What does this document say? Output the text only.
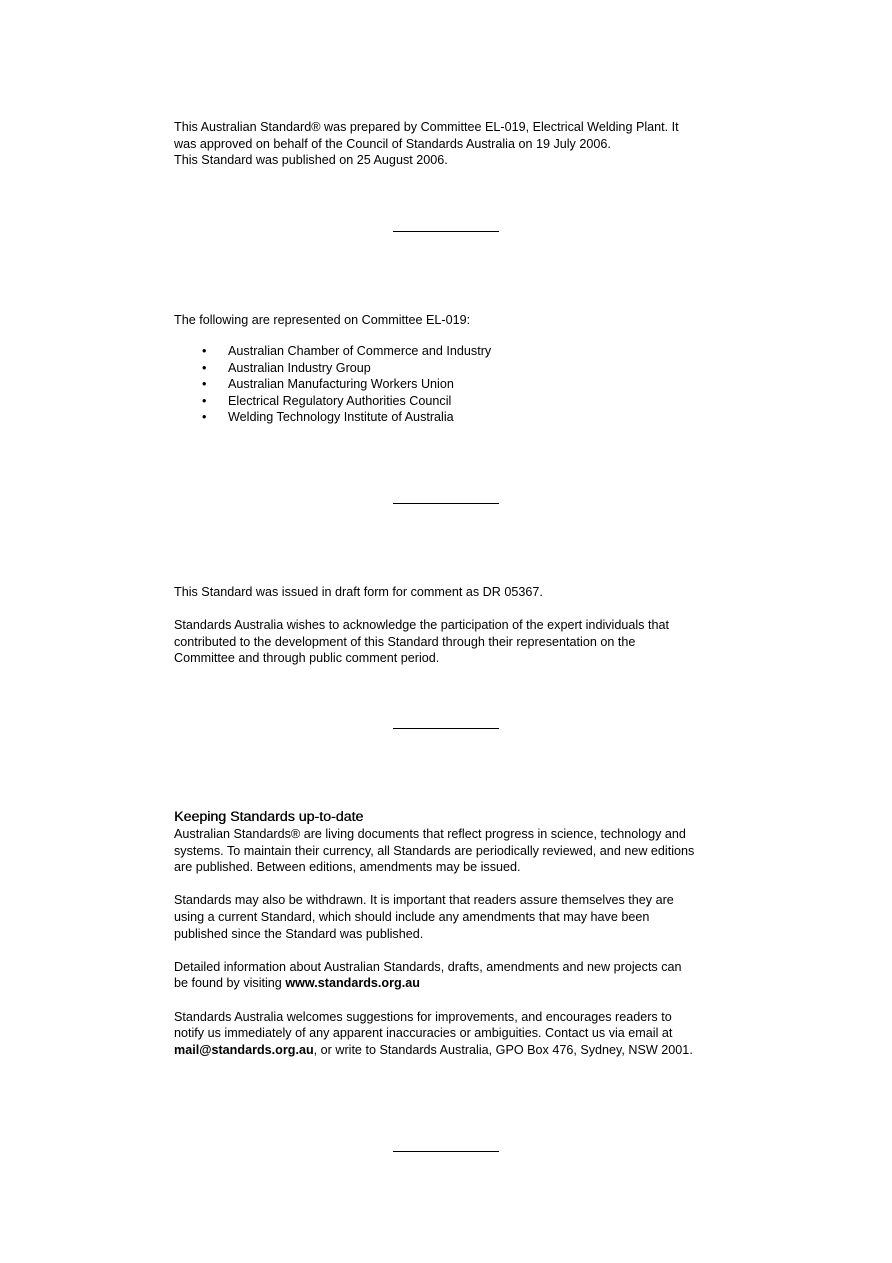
This Australian Standard® was prepared by Committee EL-019, Electrical Welding Plant. It
was approved on behalf of the Council of Standards Australia on 19 July 2006.
This Standard was published on 25 August 2006.
The following are represented on Committee EL-019:
• Australian Chamber of Commerce and Industry
• Australian Industry Group
• Australian Manufacturing Workers Union
• Electrical Regulatory Authorities Council
• Welding Technology Institute of Australia
This Standard was issued in draft form for comment as DR 05367.
Standards Australia wishes to acknowledge the participation of the expert individuals that
contributed to the development of this Standard through their representation on the
Committee and through public comment period.
Keeping Standards up-to-date
Australian Standards® are living documents that reflect progress in science, technology and
systems. To maintain their currency, all Standards are periodically reviewed, and new editions
are published. Between editions, amendments may be issued.
Standards may also be withdrawn. It is important that readers assure themselves they are
using a current Standard, which should include any amendments that may have been
published since the Standard was published.
Detailed information about Australian Standards, drafts, amendments and new projects can
be found by visiting www.standards.org.au
Standards Australia welcomes suggestions for improvements, and encourages readers to
notify us immediately of any apparent inaccuracies or ambiguities. Contact us via email at
mail@standards.org.au, or write to Standards Australia, GPO Box 476, Sydney, NSW 2001.
